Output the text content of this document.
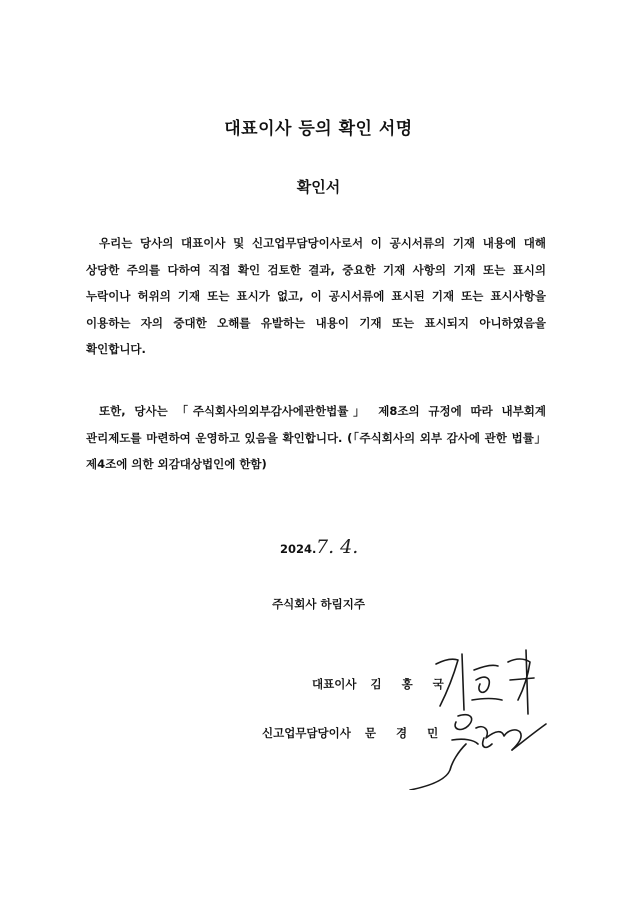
대표이사 등의 확인 서명
확인서
우리는 당사의 대표이사 및 신고업무담당이사로서 이 공시서류의 기재 내용에 대해 상당한 주의를 다하여 직접 확인 검토한 결과, 중요한 기재 사항의 기재 또는 표시의 누락이나 허위의 기재 또는 표시가 없고, 이 공시서류에 표시된 기재 또는 표시사항을 이용하는 자의 중대한 오해를 유발하는 내용이 기재 또는 표시되지 아니하였음을 확인합니다.
또한, 당사는 「주식회사의외부감사에관한법률」 제8조의 규정에 따라 내부회계 관리제도를 마련하여 운영하고 있음을 확인합니다. (「주식회사의 외부 감사에 관한 법률」 제4조에 의한 외감대상법인에 한함)
2024. 7. 4.
주식회사 하림지주
대표이사 김 홍 국
신고업무담당이사 문 경 민
